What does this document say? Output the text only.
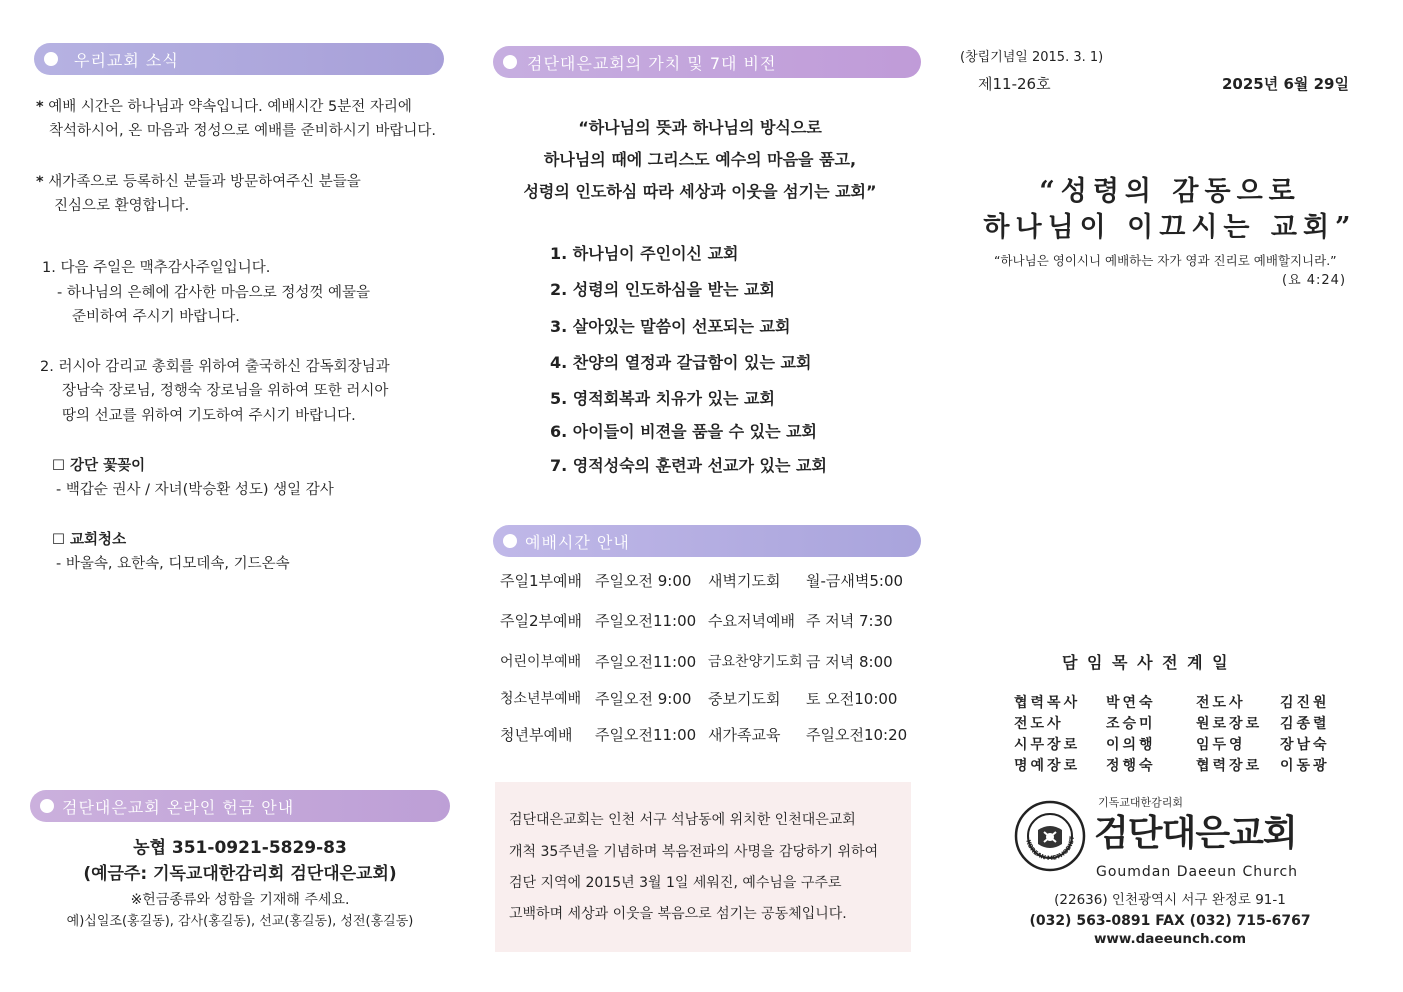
우리교회 소식
* 예배 시간은 하나님과 약속입니다. 예배시간 5분전 자리에
착석하시어, 온 마음과 정성으로 예배를 준비하시기 바랍니다.
* 새가족으로 등록하신 분들과 방문하여주신 분들을
진심으로 환영합니다.
1. 다음 주일은 맥추감사주일입니다.
- 하나님의 은혜에 감사한 마음으로 정성껏 예물을
준비하여 주시기 바랍니다.
2. 러시아 감리교 총회를 위하여 출국하신 감독회장님과
장남숙 장로님, 정행숙 장로님을 위하여 또한 러시아
땅의 선교를 위하여 기도하여 주시기 바랍니다.
☐ 강단 꽃꽂이
- 백갑순 권사 / 자녀(박승환 성도) 생일 감사
☐ 교회청소
- 바울속, 요한속, 디모데속, 기드온속
검단대은교회 온라인 헌금 안내
농협 351-0921-5829-83
(예금주: 기독교대한감리회 검단대은교회)
※헌금종류와 성함을 기재해 주세요.
예)십일조(홍길동), 감사(홍길동), 선교(홍길동), 성전(홍길동)
검단대은교회의 가치 및 7대 비전
“하나님의 뜻과 하나님의 방식으로
하나님의 때에 그리스도 예수의 마음을 품고,
성령의 인도하심 따라 세상과 이웃을 섬기는 교회”
1. 하나님이 주인이신 교회
2. 성령의 인도하심을 받는 교회
3. 살아있는 말씀이 선포되는 교회
4. 찬양의 열정과 갈급함이 있는 교회
5. 영적회복과 치유가 있는 교회
6. 아이들이 비젼을 품을 수 있는 교회
7. 영적성숙의 훈련과 선교가 있는 교회
예배시간 안내
주일1부예배 주일오전 9:00 새벽기도회 월-금새벽5:00
주일2부예배 주일오전11:00 수요저녁예배 주 저녁 7:30
어린이부예배 주일오전11:00 금요찬양기도회 금 저녁 8:00
청소년부예배 주일오전 9:00 중보기도회 토 오전10:00
청년부예배 주일오전11:00 새가족교육 주일오전10:20
검단대은교회는 인천 서구 석남동에 위치한 인천대은교회
개척 35주년을 기념하며 복음전파의 사명을 감당하기 위하여
검단 지역에 2015년 3월 1일 세워진, 예수님을 구주로
고백하며 세상과 이웃을 복음으로 섬기는 공동체입니다.
(창립기념일 2015. 3. 1)
제11-26호	2025년 6월 29일
“성령의 감동으로
하나님이 이끄시는 교회”
“하나님은 영이시니 예배하는 자가 영과 진리로 예배할지니라.”
(요 4:24)
담 임 목 사 전 계 일
협력목사 박연숙	전도사 김진원
전도사	조승미	원로장로 김종렬
시무장로 이의행	임두영 장남숙
명예장로 정행숙	협력장로 이동광
KOREAN METHODIST
기독교대한감리회
검단대은교회
Goumdan Daeeun Church
(22636) 인천광역시 서구 완정로 91-1
(032) 563-0891 FAX (032) 715-6767
www.daeeunch.com
